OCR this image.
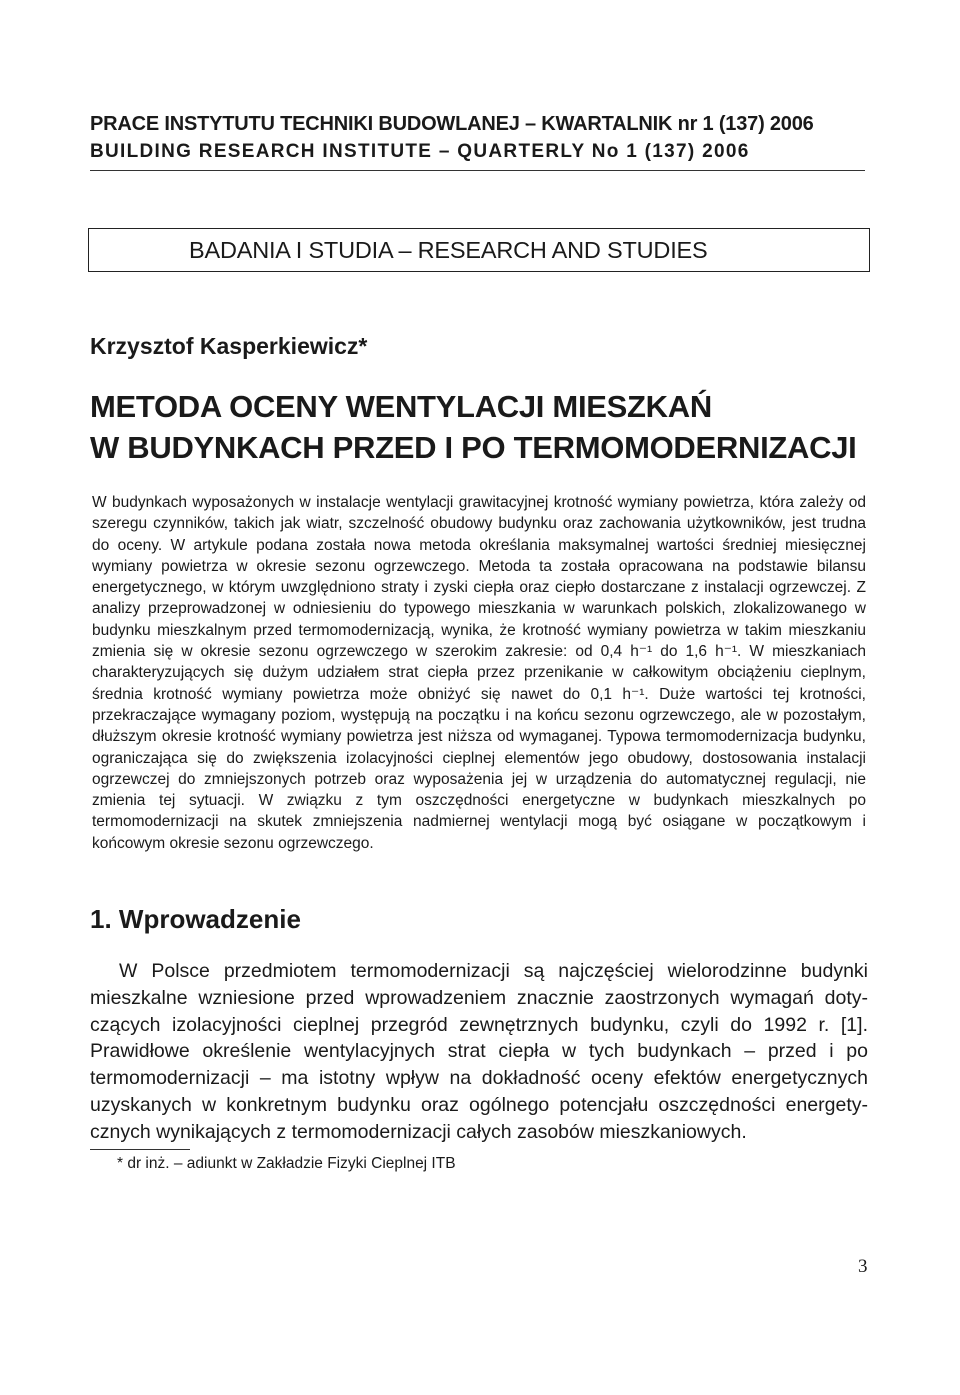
PRACE INSTYTUTU TECHNIKI BUDOWLANEJ – KWARTALNIK nr 1 (137) 2006
BUILDING RESEARCH INSTITUTE – QUARTERLY No 1 (137) 2006
BADANIA I STUDIA – RESEARCH AND STUDIES
Krzysztof Kasperkiewicz*
METODA OCENY WENTYLACJI MIESZKAŃ
W BUDYNKACH PRZED I PO TERMOMODERNIZACJI

W budynkach wyposażonych w instalacje wentylacji grawitacyjnej krotność wymiany powietrza, która zależy od szeregu czynników, takich jak wiatr, szczelność obudowy budynku oraz zachowania użytkowników, jest trudna do oceny. W artykule podana została nowa metoda określania maksymalnej wartości średniej miesięcznej wymiany powietrza w okresie sezonu ogrzewczego. Metoda ta została opracowana na podstawie bilansu energetycznego, w którym uwzględniono straty i zyski ciepła oraz ciepło dostarczane z instalacji ogrzewczej. Z analizy przeprowadzonej w odniesieniu do typowego mieszkania w warunkach polskich, zlokalizowanego w budynku mieszkalnym przed termomodernizacją, wynika, że krotność wymiany powietrza w takim mieszkaniu zmienia się w okresie sezonu ogrzewczego w szerokim zakresie: od 0,4 h⁻¹ do 1,6 h⁻¹. W mieszkaniach charakteryzujących się dużym udziałem strat ciepła przez przenikanie w całkowitym obciążeniu cieplnym, średnia krotność wymiany powietrza może obniżyć się nawet do 0,1 h⁻¹. Duże wartości tej krotności, przekraczające wymagany poziom, występują na początku i na końcu sezonu ogrzewczego, ale w pozostałym, dłuższym okresie krotność wymiany powietrza jest niższa od wymaganej. Typowa termomodernizacja budynku, ograniczająca się do zwiększenia izolacyjności cieplnej elementów jego obudowy, dostosowania instalacji ogrzewczej do zmniejszonych potrzeb oraz wyposażenia jej w urządzenia do automatycznej regulacji, nie zmienia tej sytuacji. W związku z tym oszczędności energetyczne w budynkach mieszkalnych po termomodernizacji na skutek zmniejszenia nadmiernej wentylacji mogą być osiągane w początkowym i końcowym okresie sezonu ogrzewczego.

1. Wprowadzenie

W Polsce przedmiotem termomodernizacji są najczęściej wielorodzinne budynki mieszkalne wzniesione przed wprowadzeniem znacznie zaostrzonych wymagań dotyczących izolacyjności cieplnej przegród zewnętrznych budynku, czyli do 1992 r. [1]. Prawidłowe określenie wentylacyjnych strat ciepła w tych budynkach – przed i po termomodernizacji – ma istotny wpływ na dokładność oceny efektów energetycznych uzyskanych w konkretnym budynku oraz ogólnego potencjału oszczędności energetycznych wynikających z termomodernizacji całych zasobów mieszkaniowych.

* dr inż. – adiunkt w Zakładzie Fizyki Cieplnej ITB
3
